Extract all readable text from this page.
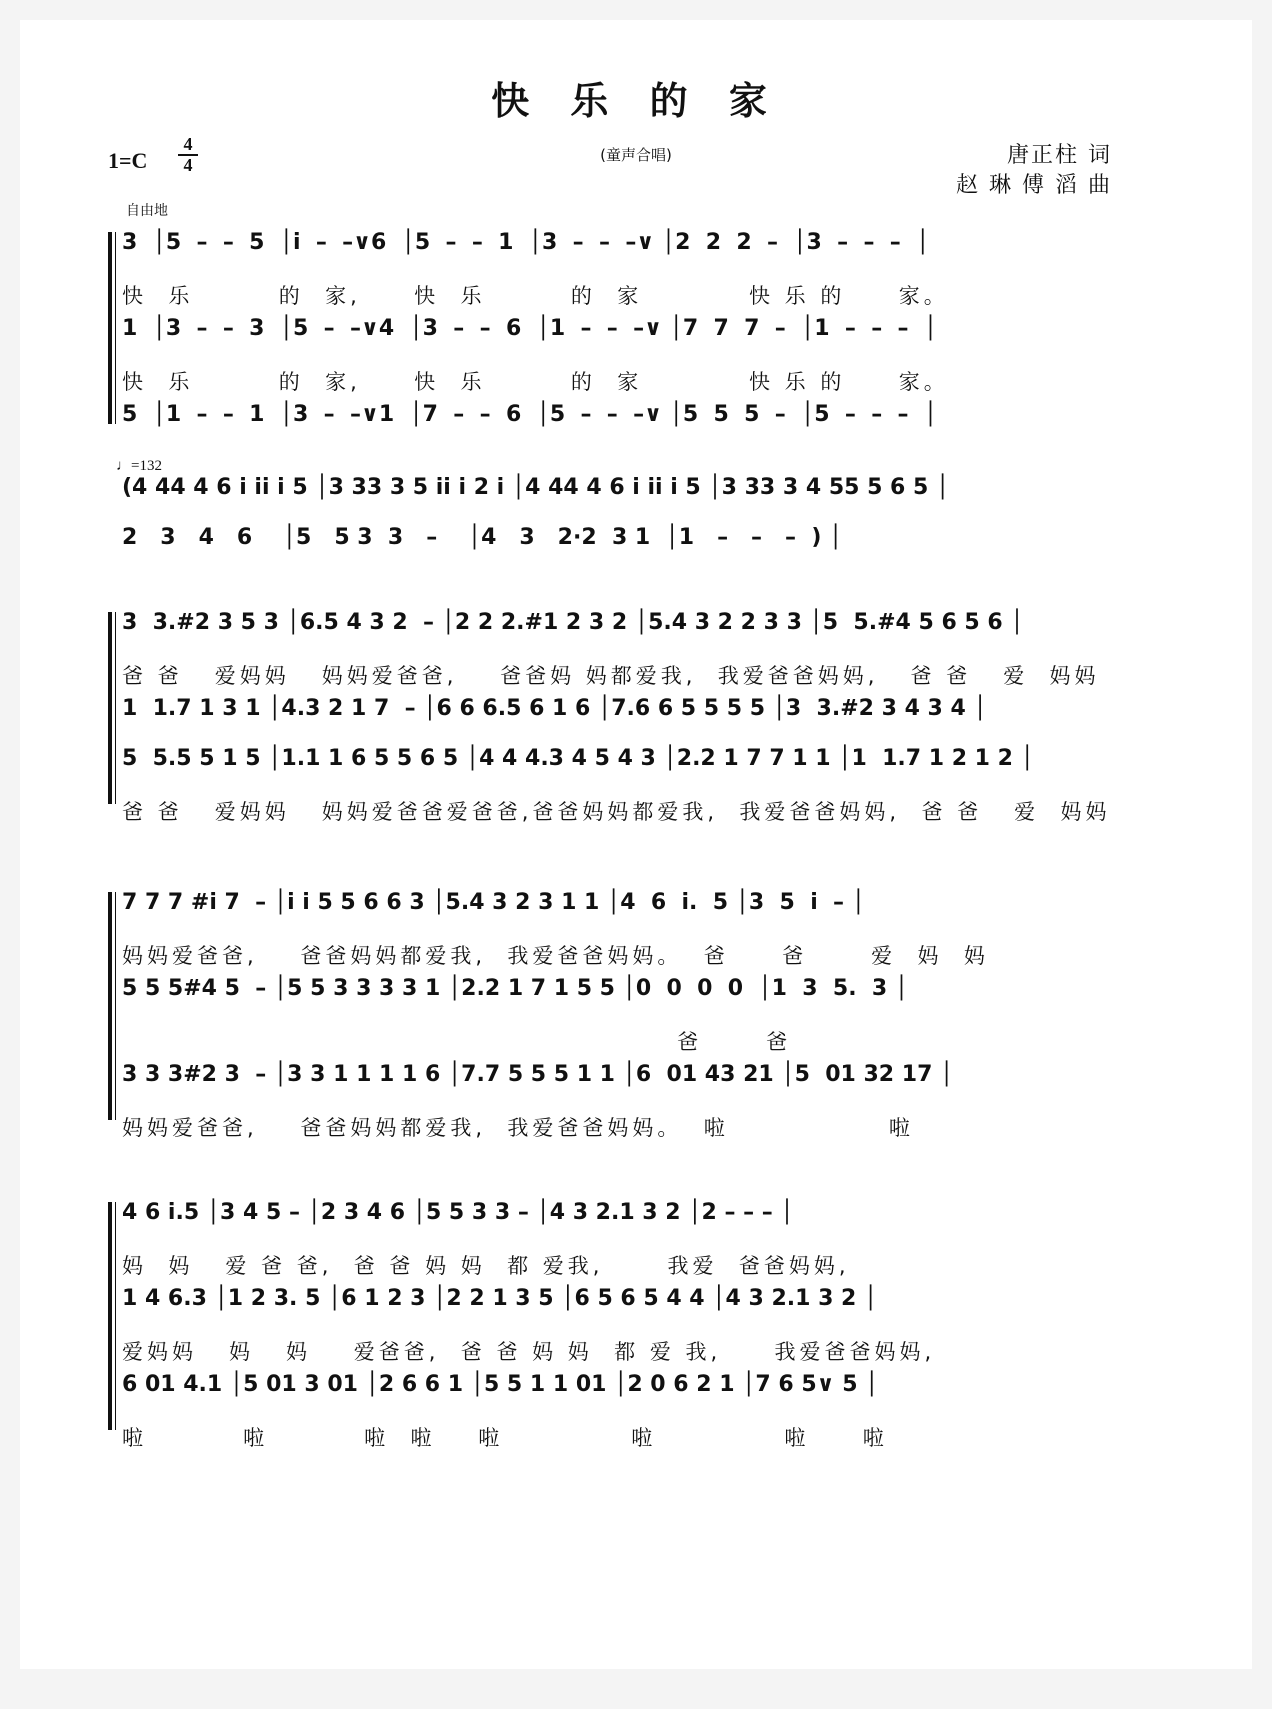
快 乐 的 家
1=C
4
4	(童声合唱)	唐正柱 词
赵 琳 傅 滔 曲
自由地
♩=132
3  │5  –  –  5  │i  –  –∨6  │5  –  –  1  │3  –  –  –∨ │2  2  2  –  │3  –  –  –  │
快  乐        的  家,     快  乐        的  家          快 乐 的     家。
1  │3  –  –  3  │5  –  –∨4  │3  –  –  6  │1  –  –  –∨ │7  7  7  –  │1  –  –  –  │
快  乐        的  家,     快  乐        的  家          快 乐 的     家。
5  │1  –  –  1  │3  –  –∨1  │7  –  –  6  │5  –  –  –∨ │5  5  5  –  │5  –  –  –  │
(4 44 4 6 i ii i 5 │3 33 3 5 ii i 2 i │4 44 4 6 i ii i 5 │3 33 3 4 55 5 6 5 │
2   3   4   6    │5   5 3  3   –    │4   3   2·2  3 1  │1   –   –   –  ) │
3  3.#2 3 5 3 │6.5 4 3 2  – │2 2 2.#1 2 3 2 │5.4 3 2 2 3 3 │5  5.#4 5 6 5 6 │
爸 爸   爱妈妈   妈妈爱爸爸,    爸爸妈 妈都爱我,  我爱爸爸妈妈,   爸 爸   爱  妈妈
1  1.7 1 3 1 │4.3 2 1 7  – │6 6 6.5 6 1 6 │7.6 6 5 5 5 5 │3  3.#2 3 4 3 4 │
5  5.5 5 1 5 │1.1 1 6 5 5 6 5 │4 4 4.3 4 5 4 3 │2.2 1 7 7 1 1 │1  1.7 1 2 1 2 │
爸 爸   爱妈妈   妈妈爱爸爸爱爸爸,爸爸妈妈都爱我,  我爱爸爸妈妈,  爸 爸   爱  妈妈
7 7 7 #i 7  – │i i 5 5 6 6 3 │5.4 3 2 3 1 1 │4  6  i.  5 │3  5  i  – │
妈妈爱爸爸,    爸爸妈妈都爱我,  我爱爸爸妈妈。  爸     爸      爱  妈  妈
5 5 5#4 5  – │5 5 3 3 3 3 1 │2.2 1 7 1 5 5 │0  0  0  0  │1  3  5.  3 │
爸      爸
3 3 3#2 3  – │3 3 1 1 1 1 6 │7.7 5 5 5 1 1 │6  01 43 21 │5  01 32 17 │
妈妈爱爸爸,    爸爸妈妈都爱我,  我爱爸爸妈妈。  啦               啦
4 6 i.5 │3 4 5 – │2 3 4 6 │5 5 3 3 – │4 3 2.1 3 2 │2 – – – │
妈  妈   爱 爸 爸,  爸 爸 妈 妈  都 爱我,      我爱  爸爸妈妈,
1 4 6.3 │1 2 3. 5 │6 1 2 3 │2 2 1 3 5 │6 5 6 5 4 4 │4 3 2.1 3 2 │
爱妈妈   妈   妈    爱爸爸,  爸 爸 妈 妈  都 爱 我,     我爱爸爸妈妈,
6 01 4.1 │5 01 3 01 │2 6 6 1 │5 5 1 1 01 │2 0 6 2 1 │7 6 5∨ 5 │
啦         啦         啦  啦    啦            啦            啦     啦
